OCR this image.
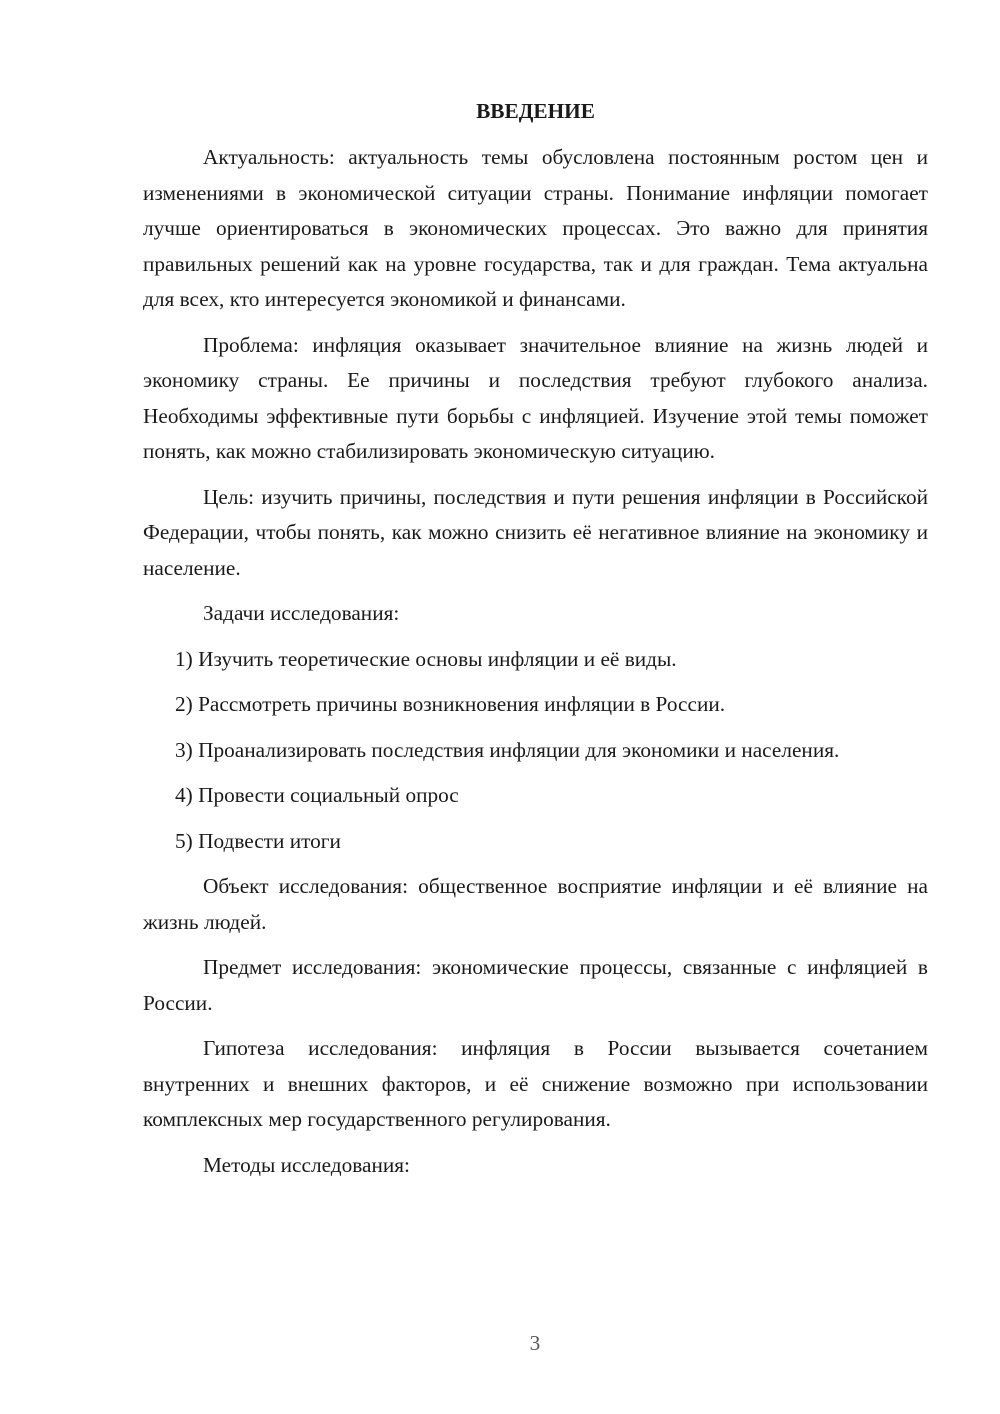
ВВЕДЕНИЕ

Актуальность: актуальность темы обусловлена постоянным ростом цен и изменениями в экономической ситуации страны. Понимание инфляции помогает лучше ориентироваться в экономических процессах. Это важно для принятия правильных решений как на уровне государства, так и для граждан. Тема актуальна для всех, кто интересуется экономикой и финансами.

Проблема: инфляция оказывает значительное влияние на жизнь людей и экономику страны. Ее причины и последствия требуют глубокого анализа. Необходимы эффективные пути борьбы с инфляцией. Изучение этой темы поможет понять, как можно стабилизировать экономическую ситуацию.

Цель: изучить причины, последствия и пути решения инфляции в Российской Федерации, чтобы понять, как можно снизить её негативное влияние на экономику и население.

Задачи исследования:

1) Изучить теоретические основы инфляции и её виды.

2) Рассмотреть причины возникновения инфляции в России.

3) Проанализировать последствия инфляции для экономики и населения.

4) Провести социальный опрос

5) Подвести итоги

Объект исследования: общественное восприятие инфляции и её влияние на жизнь людей.

Предмет исследования: экономические процессы, связанные с инфляцией в России.

Гипотеза исследования: инфляция в России вызывается сочетанием внутренних и внешних факторов, и её снижение возможно при использовании комплексных мер государственного регулирования.

Методы исследования:

3
